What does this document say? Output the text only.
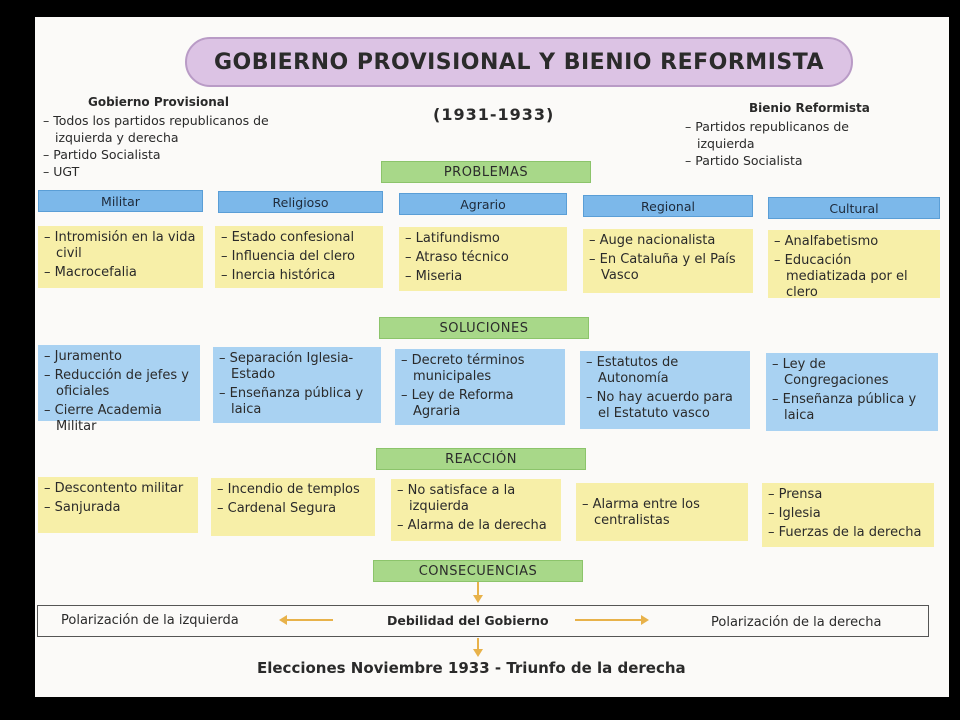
GOBIERNO PROVISIONAL Y BIENIO REFORMISTA
Gobierno Provisional
– Todos los partidos republicanos de izquierda y derecha
– Partido Socialista
– UGT
(1931-1933)	Bienio Reformista
– Partidos republicanos de izquierda
– Partido Socialista
PROBLEMAS
Militar	Religioso	Agrario	Regional	Cultural
– Intromisión en la vida civil
– Macrocefalia
– Estado confesional
– Influencia del clero
– Inercia histórica
– Latifundismo
– Atraso técnico
– Miseria
– Auge nacionalista
– En Cataluña y el País Vasco
– Analfabetismo
– Educación mediatizada por el clero
SOLUCIONES
– Juramento
– Reducción de jefes y oficiales
– Cierre Academia Militar
– Separación Iglesia-Estado
– Enseñanza pública y laica
– Decreto términos municipales
– Ley de Reforma Agraria
– Estatutos de Autonomía
– No hay acuerdo para el Estatuto vasco
– Ley de Congregaciones
– Enseñanza pública y laica
REACCIÓN
– Descontento militar
– Sanjurada
– Incendio de templos
– Cardenal Segura
– No satisface a la izquierda
– Alarma de la derecha
– Alarma entre los centralistas
– Prensa
– Iglesia
– Fuerzas de la derecha
CONSECUENCIAS
Polarización de la izquierda	Debilidad del Gobierno	Polarización de la derecha
Elecciones Noviembre 1933 - Triunfo de la derecha
